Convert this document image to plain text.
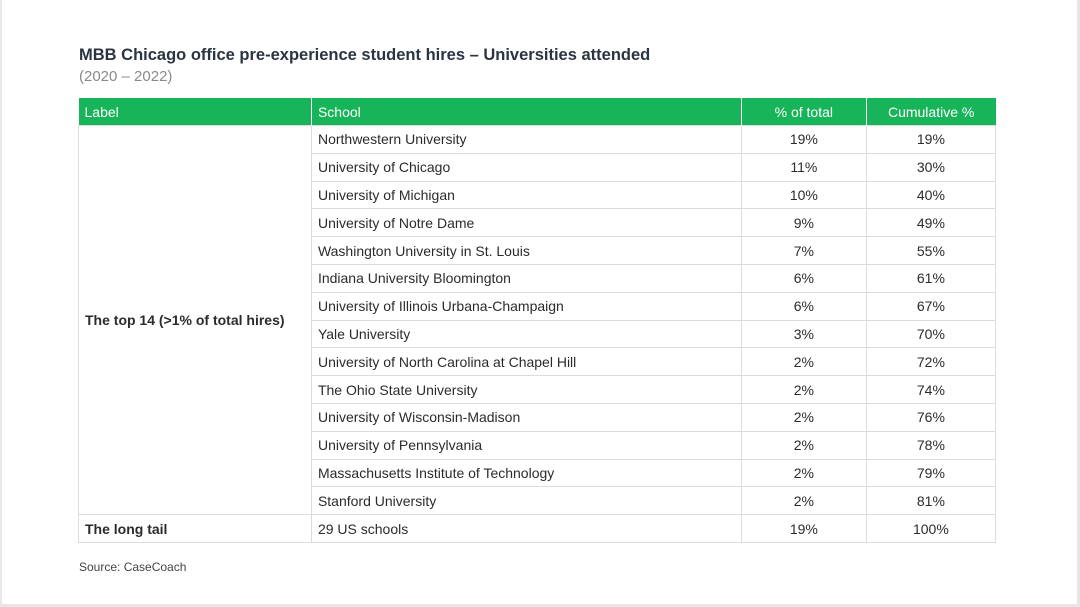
MBB Chicago office pre-experience student hires – Universities attended
(2020 – 2022)
Label	School	% of total	Cumulative %
The top 14 (>1% of total hires)	Northwestern University	19%	19%
	University of Chicago	11%	30%
	University of Michigan	10%	40%
	University of Notre Dame	9%	49%
	Washington University in St. Louis	7%	55%
	Indiana University Bloomington	6%	61%
	University of Illinois Urbana-Champaign	6%	67%
	Yale University	3%	70%
	University of North Carolina at Chapel Hill	2%	72%
	The Ohio State University	2%	74%
	University of Wisconsin-Madison	2%	76%
	University of Pennsylvania	2%	78%
	Massachusetts Institute of Technology	2%	79%
	Stanford University	2%	81%
The long tail	29 US schools	19%	100%
Source: CaseCoach
